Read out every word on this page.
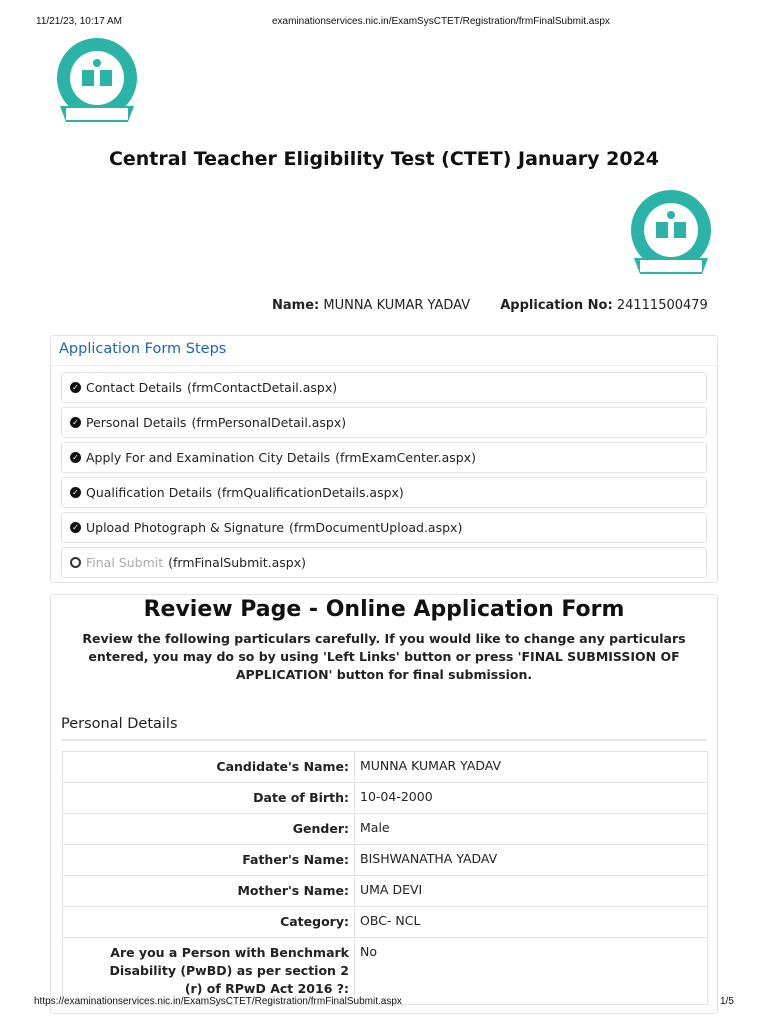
11/21/23, 10:17 AM	examinationservices.nic.in/ExamSysCTET/Registration/frmFinalSubmit.aspx
Central Teacher Eligibility Test (CTET) January 2024
Name: MUNNA KUMAR YADAV Application No: 24111500479
Application Form Steps
✓ Contact Details (frmContactDetail.aspx)
✓ Personal Details (frmPersonalDetail.aspx)
✓ Apply For and Examination City Details (frmExamCenter.aspx)
✓ Qualification Details (frmQualificationDetails.aspx)
✓ Upload Photograph & Signature (frmDocumentUpload.aspx)
Final Submit (frmFinalSubmit.aspx)
Review Page - Online Application Form

Review the following particulars carefully. If you would like to change any particulars entered, you may do so by using 'Left Links' button or press 'FINAL SUBMISSION OF APPLICATION' button for final submission.

Personal Details
Candidate's Name:	MUNNA KUMAR YADAV
Date of Birth:	10-04-2000
Gender:	Male
Father's Name:	BISHWANATHA YADAV
Mother's Name:	UMA DEVI
Category:	OBC- NCL
Are you a Person with Benchmark Disability (PwBD) as per section 2 (r) of RPwD Act 2016 ?:	No
https://examinationservices.nic.in/ExamSysCTET/Registration/frmFinalSubmit.aspx	1/5
